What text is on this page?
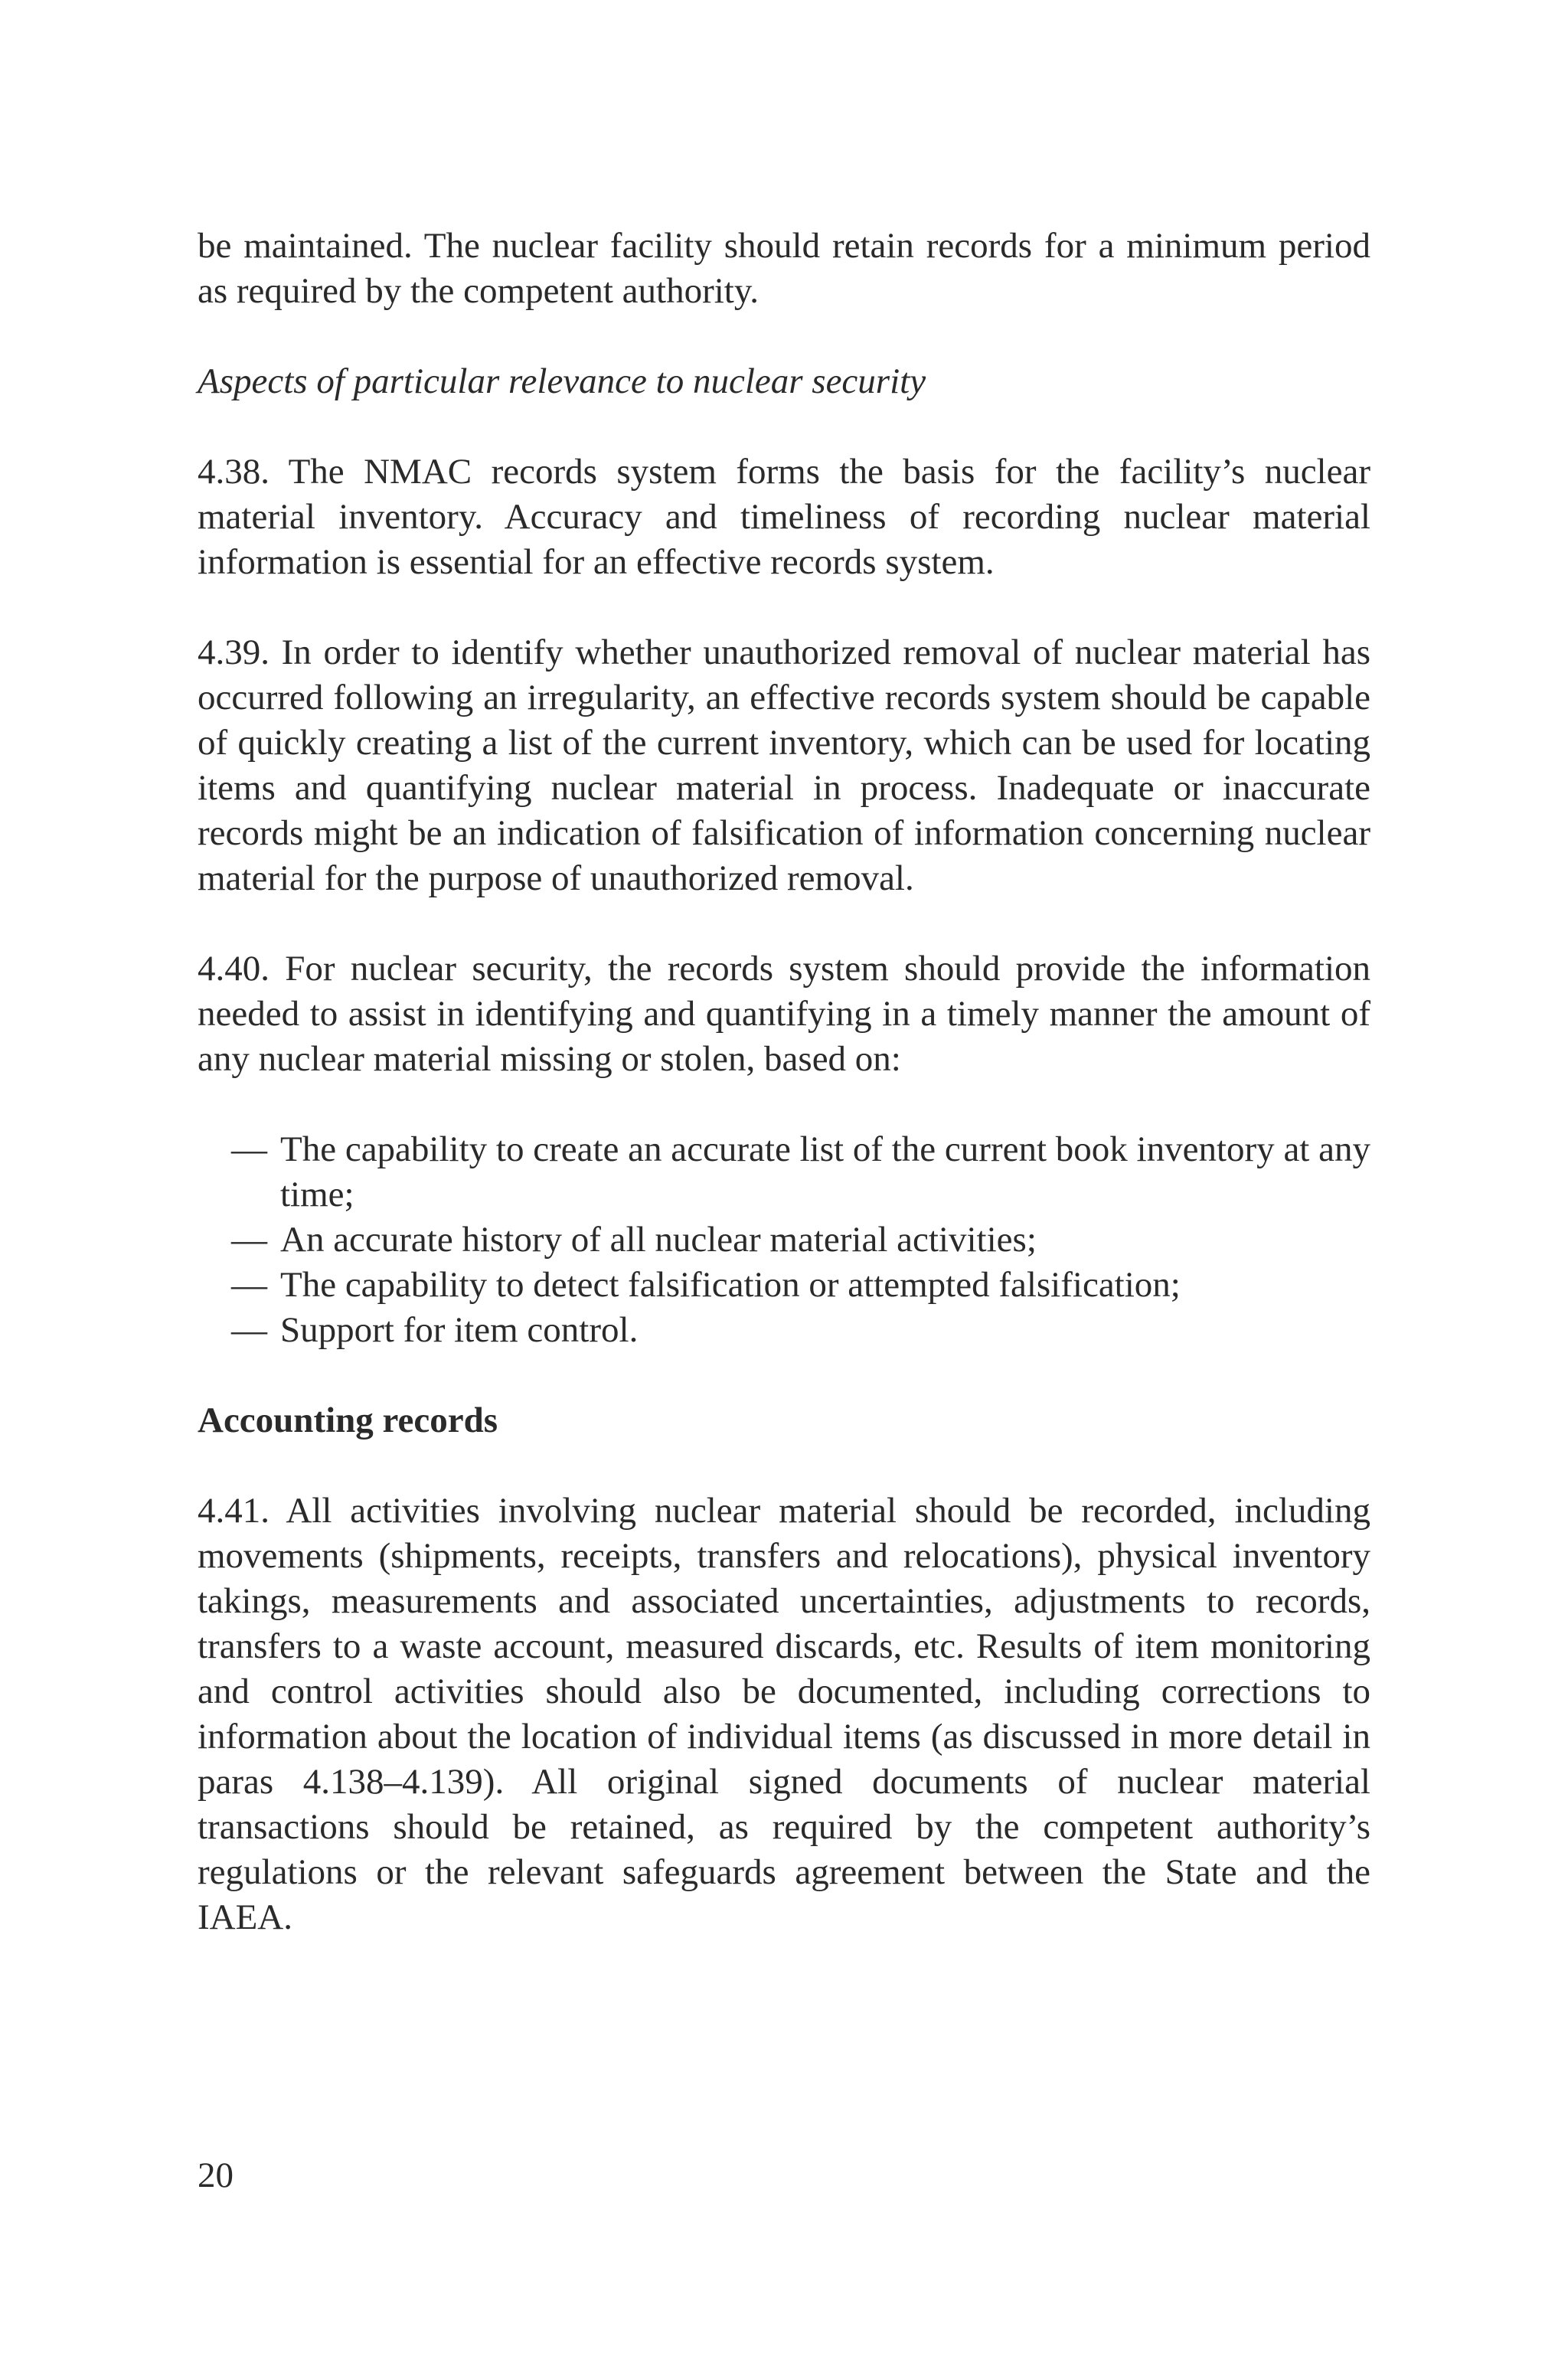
be maintained. The nuclear facility should retain records for a minimum period as required by the competent authority.

Aspects of particular relevance to nuclear security

4.38. The NMAC records system forms the basis for the facility’s nuclear material inventory. Accuracy and timeliness of recording nuclear material information is essential for an effective records system.

4.39. In order to identify whether unauthorized removal of nuclear material has occurred following an irregularity, an effective records system should be capable of quickly creating a list of the current inventory, which can be used for locating items and quantifying nuclear material in process. Inadequate or inaccurate records might be an indication of falsification of information concerning nuclear material for the purpose of unauthorized removal.

4.40. For nuclear security, the records system should provide the information needed to assist in identifying and quantifying in a timely manner the amount of any nuclear material missing or stolen, based on:

— The capability to create an accurate list of the current book inventory at any time;
— An accurate history of all nuclear material activities;
— The capability to detect falsification or attempted falsification;
— Support for item control.

Accounting records

4.41. All activities involving nuclear material should be recorded, including movements (shipments, receipts, transfers and relocations), physical inventory takings, measurements and associated uncertainties, adjustments to records, transfers to a waste account, measured discards, etc. Results of item monitoring and control activities should also be documented, including corrections to information about the location of individual items (as discussed in more detail in paras 4.138–4.139). All original signed documents of nuclear material transactions should be retained, as required by the competent authority’s regulations or the relevant safeguards agreement between the State and the IAEA.

20
